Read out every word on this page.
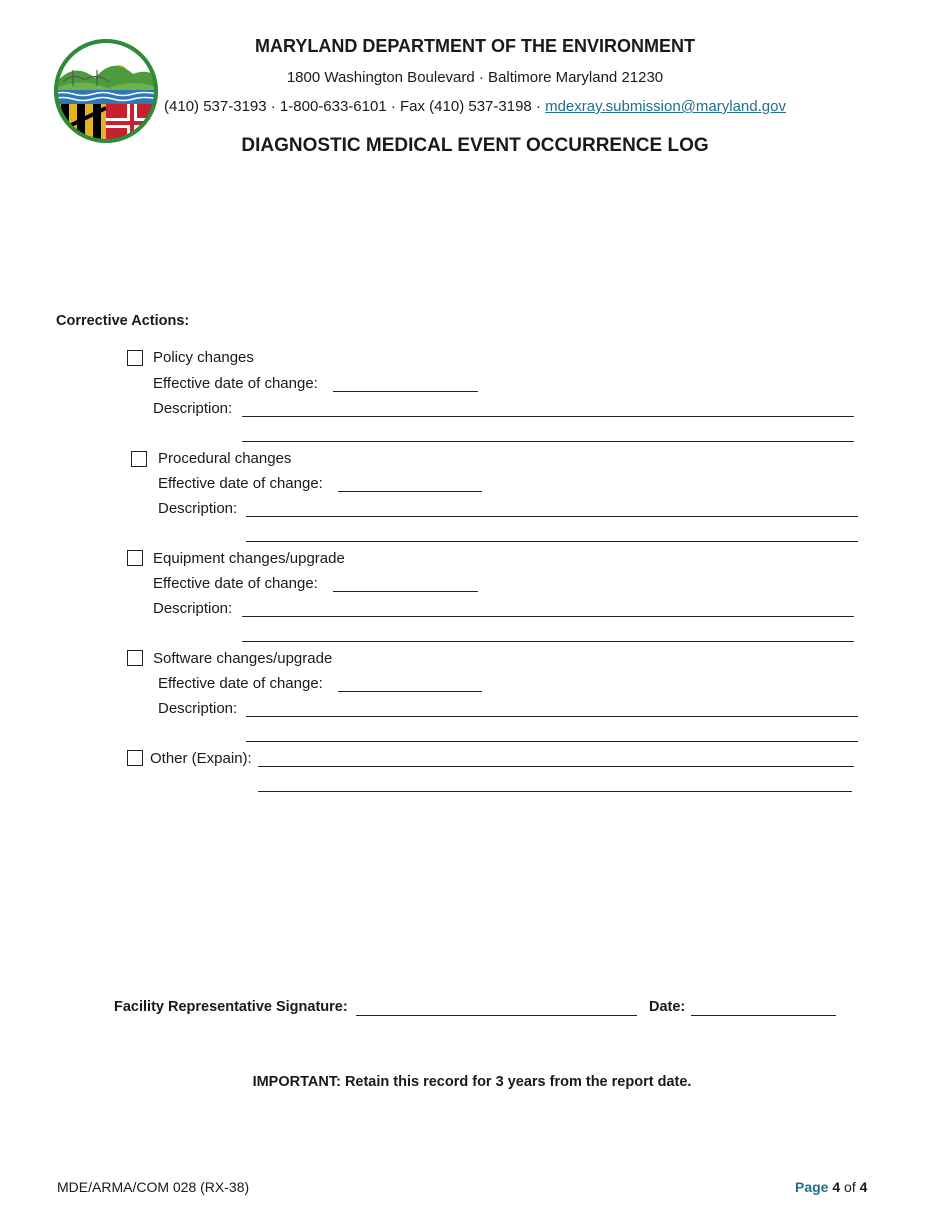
MARYLAND DEPARTMENT OF THE ENVIRONMENT
1800 Washington Boulevard · Baltimore Maryland 21230
(410) 537-3193 · 1-800-633-6101 · Fax (410) 537-3198 · mdexray.submission@maryland.gov
DIAGNOSTIC MEDICAL EVENT OCCURRENCE LOG
Corrective Actions:
Policy changes
Effective date of change:
Description:
Procedural changes
Effective date of change:
Description:
Equipment changes/upgrade
Effective date of change:
Description:
Software changes/upgrade
Effective date of change:
Description:
Other (Expain):
Facility Representative Signature:	Date:
IMPORTANT: Retain this record for 3 years from the report date.
MDE/ARMA/COM 028 (RX-38)	Page 4 of 4
